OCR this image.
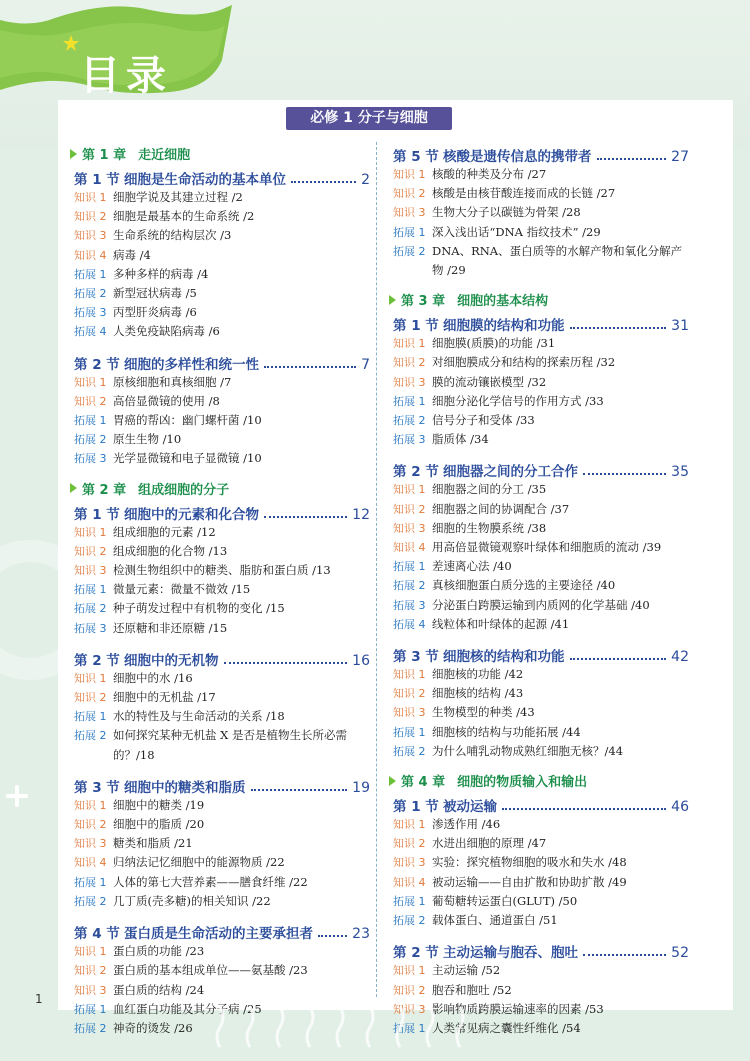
目录
必修 1 分子与细胞
第 1 章 走近细胞
第 1 节 细胞是生命活动的基本单位	2
知识 1 细胞学说及其建立过程 /2
知识 2 细胞是最基本的生命系统 /2
知识 3 生命系统的结构层次 /3
知识 4 病毒 /4
拓展 1 多种多样的病毒 /4
拓展 2 新型冠状病毒 /5
拓展 3 丙型肝炎病毒 /6
拓展 4 人类免疫缺陷病毒 /6
第 2 节 细胞的多样性和统一性	7
知识 1 原核细胞和真核细胞 /7
知识 2 高倍显微镜的使用 /8
拓展 1 胃癌的帮凶：幽门螺杆菌 /10
拓展 2 原生生物 /10
拓展 3 光学显微镜和电子显微镜 /10
第 2 章 组成细胞的分子
第 1 节 细胞中的元素和化合物	12
知识 1 组成细胞的元素 /12
知识 2 组成细胞的化合物 /13
知识 3 检测生物组织中的糖类、脂肪和蛋白质 /13
拓展 1 微量元素：微量不微效 /15
拓展 2 种子萌发过程中有机物的变化 /15
拓展 3 还原糖和非还原糖 /15
第 2 节 细胞中的无机物	16
知识 1 细胞中的水 /16
知识 2 细胞中的无机盐 /17
拓展 1 水的特性及与生命活动的关系 /18
拓展 2 如何探究某种无机盐 X 是否是植物生长所必需的？/18
第 3 节 细胞中的糖类和脂质	19
知识 1 细胞中的糖类 /19
知识 2 细胞中的脂质 /20
知识 3 糖类和脂质 /21
知识 4 归纳法记忆细胞中的能源物质 /22
拓展 1 人体的第七大营养素——膳食纤维 /22
拓展 2 几丁质(壳多糖)的相关知识 /22
第 4 节 蛋白质是生命活动的主要承担者	23
知识 1 蛋白质的功能 /23
知识 2 蛋白质的基本组成单位——氨基酸 /23
知识 3 蛋白质的结构 /24
拓展 1 血红蛋白功能及其分子病 /25
拓展 2 神奇的烫发 /26
第 5 节 核酸是遗传信息的携带者	27
知识 1 核酸的种类及分布 /27
知识 2 核酸是由核苷酸连接而成的长链 /27
知识 3 生物大分子以碳链为骨架 /28
拓展 1 深入浅出话“DNA 指纹技术” /29
拓展 2 DNA、RNA、蛋白质等的水解产物和氧化分解产物 /29
第 3 章 细胞的基本结构
第 1 节 细胞膜的结构和功能	31
知识 1 细胞膜(质膜)的功能 /31
知识 2 对细胞膜成分和结构的探索历程 /32
知识 3 膜的流动镶嵌模型 /32
拓展 1 细胞分泌化学信号的作用方式 /33
拓展 2 信号分子和受体 /33
拓展 3 脂质体 /34
第 2 节 细胞器之间的分工合作	35
知识 1 细胞器之间的分工 /35
知识 2 细胞器之间的协调配合 /37
知识 3 细胞的生物膜系统 /38
知识 4 用高倍显微镜观察叶绿体和细胞质的流动 /39
拓展 1 差速离心法 /40
拓展 2 真核细胞蛋白质分选的主要途径 /40
拓展 3 分泌蛋白跨膜运输到内质网的化学基础 /40
拓展 4 线粒体和叶绿体的起源 /41
第 3 节 细胞核的结构和功能	42
知识 1 细胞核的功能 /42
知识 2 细胞核的结构 /43
知识 3 生物模型的种类 /43
拓展 1 细胞核的结构与功能拓展 /44
拓展 2 为什么哺乳动物成熟红细胞无核？/44
第 4 章 细胞的物质输入和输出
第 1 节 被动运输	46
知识 1 渗透作用 /46
知识 2 水进出细胞的原理 /47
知识 3 实验：探究植物细胞的吸水和失水 /48
知识 4 被动运输——自由扩散和协助扩散 /49
拓展 1 葡萄糖转运蛋白(GLUT) /50
拓展 2 载体蛋白、通道蛋白 /51
第 2 节 主动运输与胞吞、胞吐	52
知识 1 主动运输 /52
知识 2 胞吞和胞吐 /52
知识 3 影响物质跨膜运输速率的因素 /53
拓展 1 人类常见病之囊性纤维化 /54
1
